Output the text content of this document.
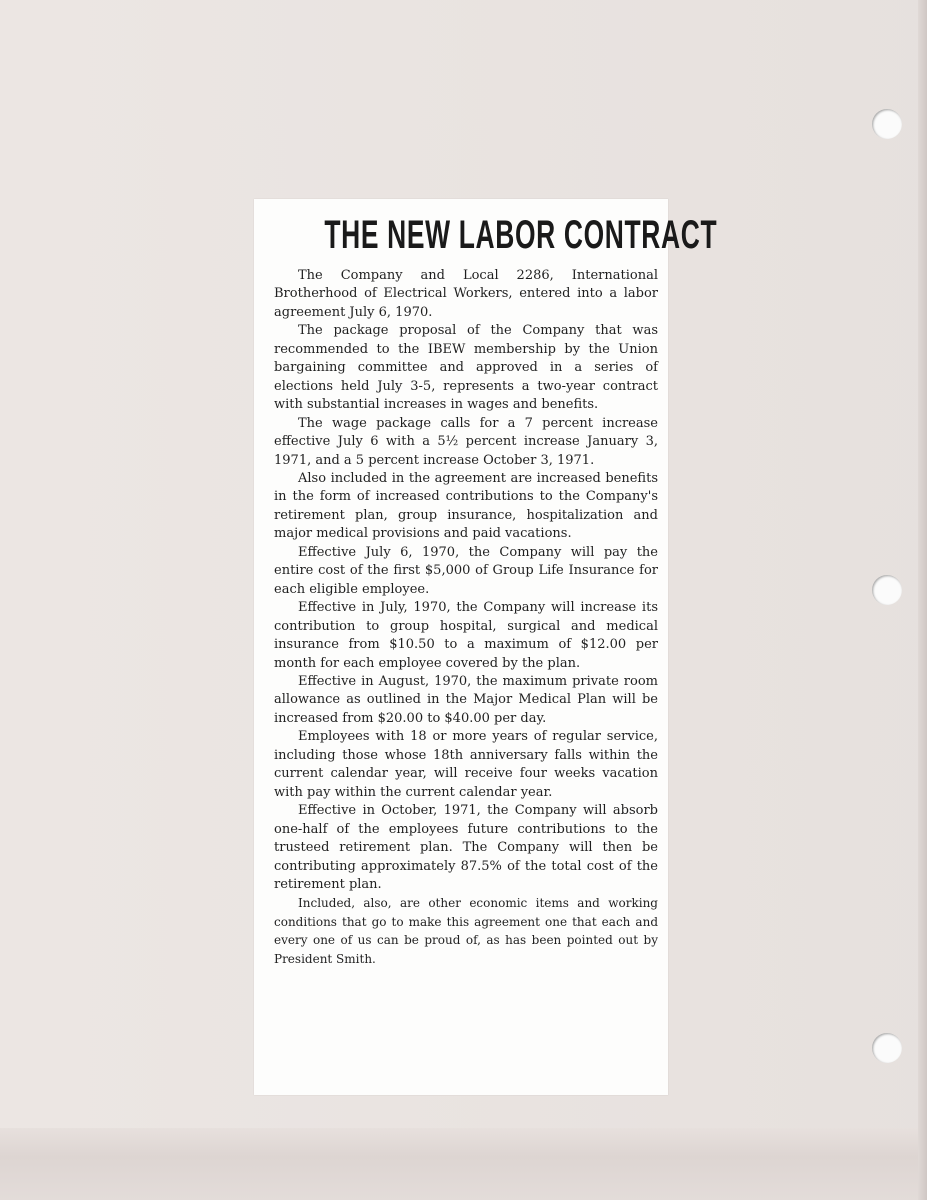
THE NEW LABOR CONTRACT

The Company and Local 2286, International Brotherhood of Electrical Workers, entered into a labor agreement July 6, 1970.

The package proposal of the Company that was recommended to the IBEW membership by the Union bargaining committee and approved in a series of elections held July 3-5, represents a two-year contract with substantial increases in wages and benefits.

The wage package calls for a 7 percent increase effective July 6 with a 5½ percent increase January 3, 1971, and a 5 percent increase October 3, 1971.

Also included in the agreement are increased benefits in the form of increased contributions to the Company's retirement plan, group insurance, hospitalization and major medical provisions and paid vacations.

Effective July 6, 1970, the Company will pay the entire cost of the first $5,000 of Group Life Insurance for each eligible employee.

Effective in July, 1970, the Company will increase its contribution to group hospital, surgical and medical insurance from $10.50 to a maximum of $12.00 per month for each employee covered by the plan.

Effective in August, 1970, the maximum private room allowance as outlined in the Major Medical Plan will be increased from $20.00 to $40.00 per day.

Employees with 18 or more years of regular service, including those whose 18th anniversary falls within the current calendar year, will receive four weeks vacation with pay within the current calendar year.

Effective in October, 1971, the Company will absorb one-half of the employees future contributions to the trusteed retirement plan. The Company will then be contributing approximately 87.5% of the total cost of the retirement plan.

Included, also, are other economic items and working conditions that go to make this agreement one that each and every one of us can be proud of, as has been pointed out by President Smith.
